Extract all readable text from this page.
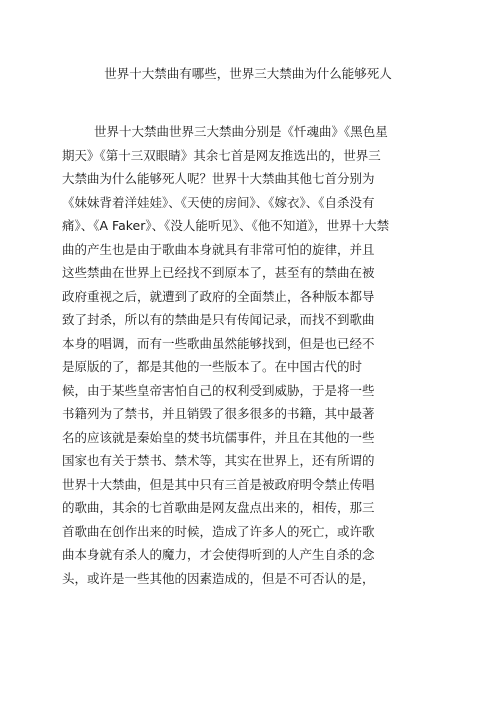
世界十大禁曲有哪些，世界三大禁曲为什么能够死人
世界十大禁曲世界三大禁曲分别是《忏魂曲》《黑色星
期天》《第十三双眼睛》其余七首是网友推选出的，世界三
大禁曲为什么能够死人呢？世界十大禁曲其他七首分别为
《妹妹背着洋娃娃》、《天使的房间》、《嫁衣》、《自杀没有
痛》、《A Faker》、《没人能听见》、《他不知道》，世界十大禁
曲的产生也是由于歌曲本身就具有非常可怕的旋律，并且
这些禁曲在世界上已经找不到原本了，甚至有的禁曲在被
政府重视之后，就遭到了政府的全面禁止，各种版本都导
致了封杀，所以有的禁曲是只有传闻记录，而找不到歌曲
本身的唱调，而有一些歌曲虽然能够找到，但是也已经不
是原版的了，都是其他的一些版本了。在中国古代的时
候，由于某些皇帝害怕自己的权利受到威胁，于是将一些
书籍列为了禁书，并且销毁了很多很多的书籍，其中最著
名的应该就是秦始皇的焚书坑儒事件，并且在其他的一些
国家也有关于禁书、禁术等，其实在世界上，还有所谓的
世界十大禁曲，但是其中只有三首是被政府明令禁止传唱
的歌曲，其余的七首歌曲是网友盘点出来的，相传，那三
首歌曲在创作出来的时候，造成了许多人的死亡，或许歌
曲本身就有杀人的魔力，才会使得听到的人产生自杀的念
头，或许是一些其他的因素造成的，但是不可否认的是，
